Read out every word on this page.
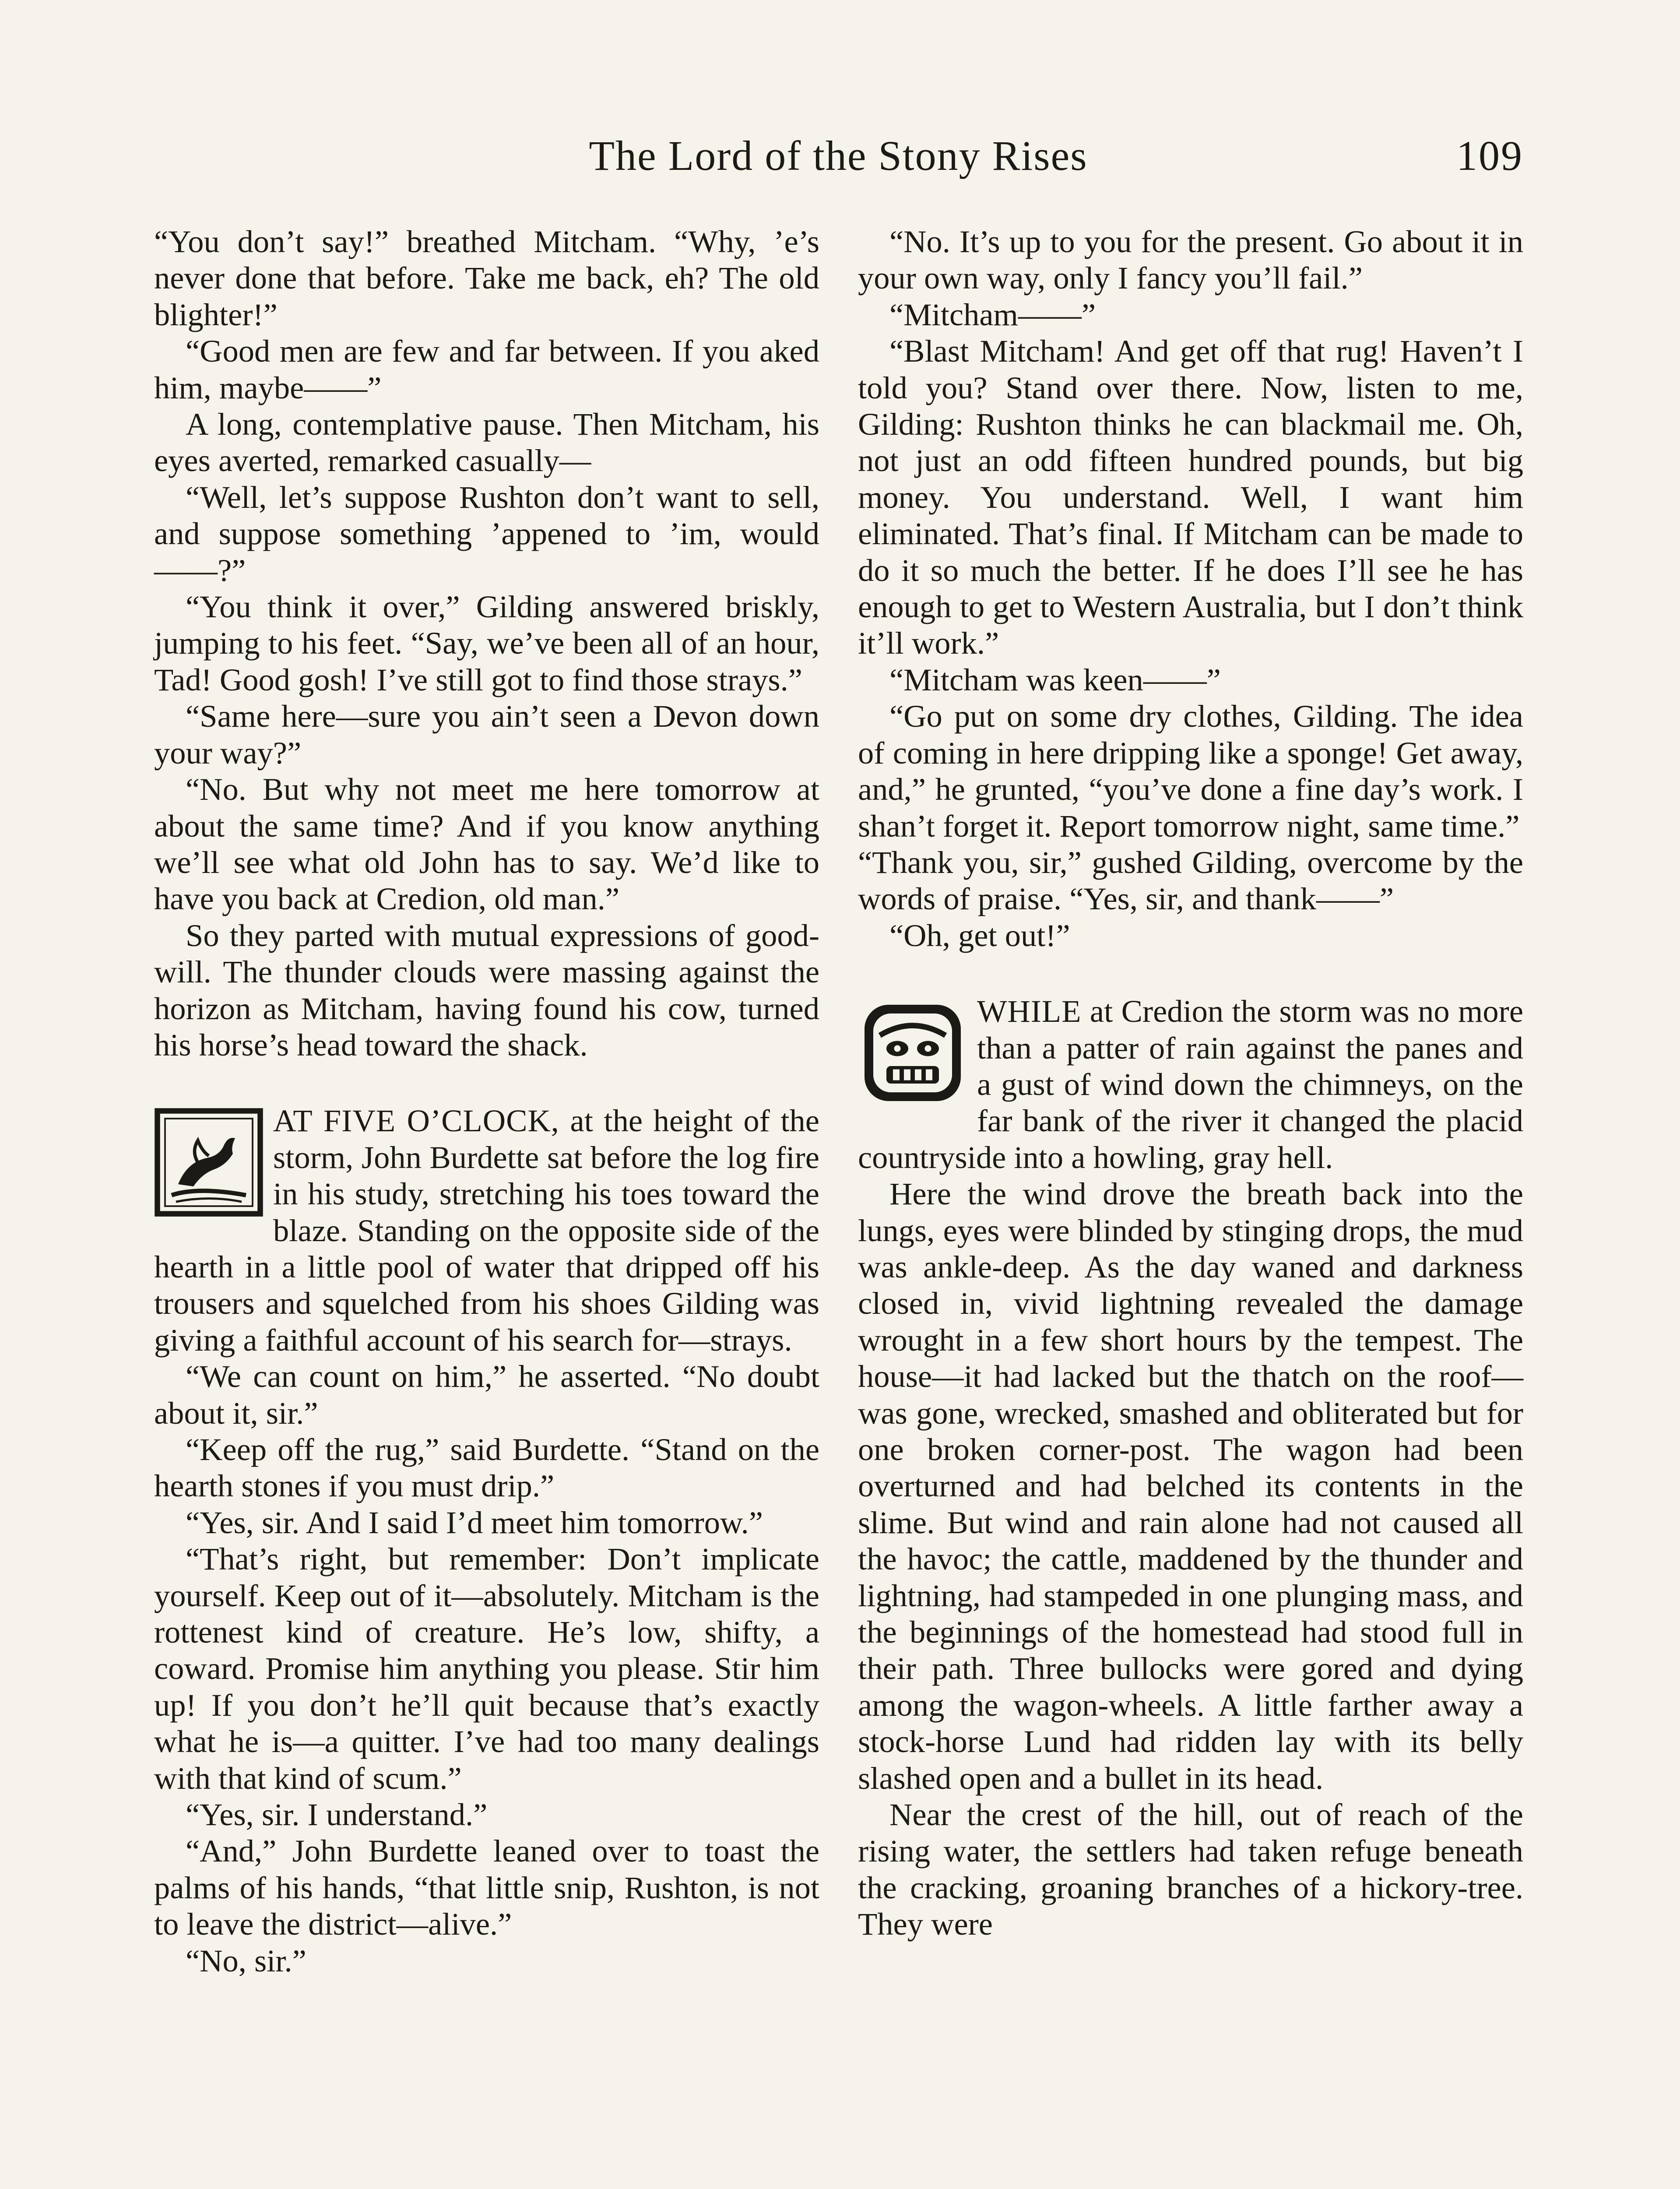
The Lord of the Stony Rises	109

“You don’t say!” breathed Mitcham. “Why, ’e’s never done that before. Take me back, eh? The old blighter!”

“Good men are few and far between. If you aked him, maybe——”

A long, contemplative pause. Then Mitcham, his eyes averted, remarked casually—

“Well, let’s suppose Rushton don’t want to sell, and suppose something ’appened to ’im, would——?”

“You think it over,” Gilding answered briskly, jumping to his feet. “Say, we’ve been all of an hour, Tad! Good gosh! I’ve still got to find those strays.”

“Same here—sure you ain’t seen a Devon down your way?”

“No. But why not meet me here tomorrow at about the same time? And if you know anything we’ll see what old John has to say. We’d like to have you back at Credion, old man.”

So they parted with mutual expressions of good-will. The thunder clouds were massing against the horizon as Mitcham, having found his cow, turned his horse’s head toward the shack.

AT FIVE O’CLOCK, at the height of the storm, John Burdette sat before the log fire in his study, stretching his toes toward the blaze. Standing on the opposite side of the hearth in a little pool of water that dripped off his trousers and squelched from his shoes Gilding was giving a faithful account of his search for—strays.

“We can count on him,” he asserted. “No doubt about it, sir.”

“Keep off the rug,” said Burdette. “Stand on the hearth stones if you must drip.”

“Yes, sir. And I said I’d meet him tomorrow.”

“That’s right, but remember: Don’t implicate yourself. Keep out of it—absolutely. Mitcham is the rottenest kind of creature. He’s low, shifty, a coward. Promise him anything you please. Stir him up! If you don’t he’ll quit because that’s exactly what he is—a quitter. I’ve had too many dealings with that kind of scum.”

“Yes, sir. I understand.”

“And,” John Burdette leaned over to toast the palms of his hands, “that little snip, Rushton, is not to leave the district—alive.”

“No, sir.”

“No. It’s up to you for the present. Go about it in your own way, only I fancy you’ll fail.”

“Mitcham——”

“Blast Mitcham! And get off that rug! Haven’t I told you? Stand over there. Now, listen to me, Gilding: Rushton thinks he can blackmail me. Oh, not just an odd fifteen hundred pounds, but big money. You understand. Well, I want him eliminated. That’s final. If Mitcham can be made to do it so much the better. If he does I’ll see he has enough to get to Western Australia, but I don’t think it’ll work.”

“Mitcham was keen——”

“Go put on some dry clothes, Gilding. The idea of coming in here dripping like a sponge! Get away, and,” he grunted, “you’ve done a fine day’s work. I shan’t forget it. Report tomorrow night, same time.”

“Thank you, sir,” gushed Gilding, overcome by the words of praise. “Yes, sir, and thank——”

“Oh, get out!”

WHILE at Credion the storm was no more than a patter of rain against the panes and a gust of wind down the chimneys, on the far bank of the river it changed the placid countryside into a howling, gray hell.

Here the wind drove the breath back into the lungs, eyes were blinded by stinging drops, the mud was ankle-deep. As the day waned and darkness closed in, vivid lightning revealed the damage wrought in a few short hours by the tempest. The house—it had lacked but the thatch on the roof—was gone, wrecked, smashed and obliterated but for one broken corner-post. The wagon had been overturned and had belched its contents in the slime. But wind and rain alone had not caused all the havoc; the cattle, maddened by the thunder and lightning, had stampeded in one plunging mass, and the beginnings of the homestead had stood full in their path. Three bullocks were gored and dying among the wagon-wheels. A little farther away a stock-horse Lund had ridden lay with its belly slashed open and a bullet in its head.

Near the crest of the hill, out of reach of the rising water, the settlers had taken refuge beneath the cracking, groaning branches of a hickory-tree. They were
